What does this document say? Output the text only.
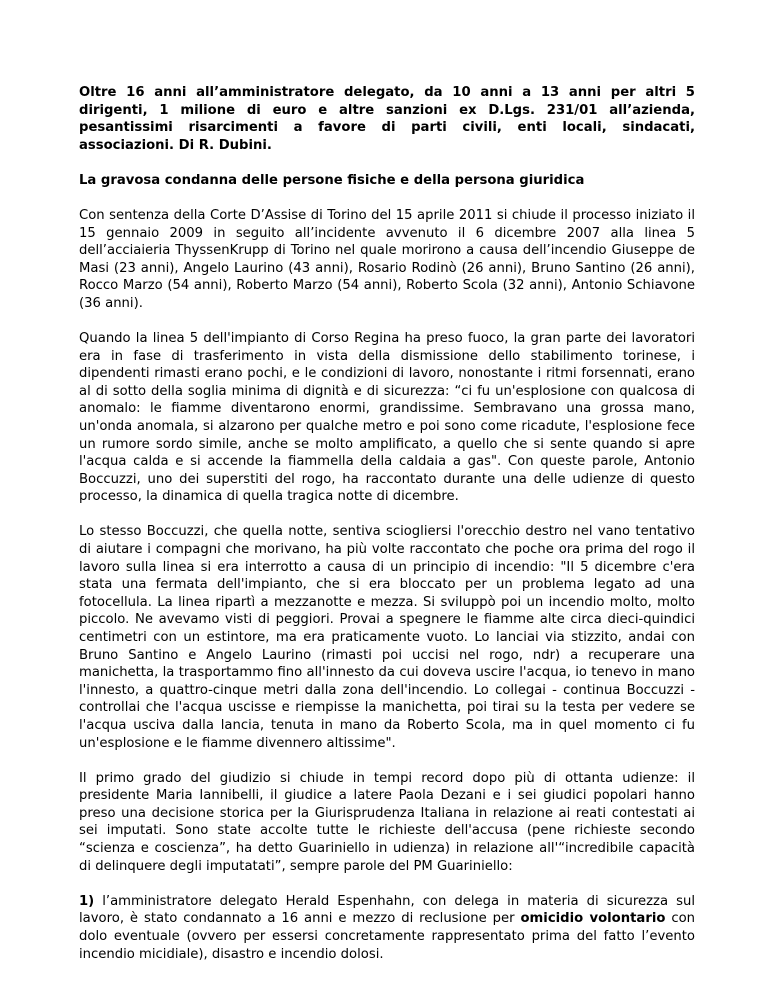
Oltre 16 anni all’amministratore delegato, da 10 anni a 13 anni per altri 5 dirigenti, 1 milione di euro e altre sanzioni ex D.Lgs. 231/01 all’azienda, pesantissimi risarcimenti a favore di parti civili, enti locali, sindacati, associazioni. Di R. Dubini.

La gravosa condanna delle persone fisiche e della persona giuridica

Con sentenza della Corte D’Assise di Torino del 15 aprile 2011 si chiude il processo iniziato il 15 gennaio 2009 in seguito all’incidente avvenuto il 6 dicembre 2007 alla linea 5 dell’acciaieria ThyssenKrupp di Torino nel quale morirono a causa dell’incendio Giuseppe de Masi (23 anni), Angelo Laurino (43 anni), Rosario Rodinò (26 anni), Bruno Santino (26 anni), Rocco Marzo (54 anni), Roberto Marzo (54 anni), Roberto Scola (32 anni), Antonio Schiavone (36 anni).

Quando la linea 5 dell'impianto di Corso Regina ha preso fuoco, la gran parte dei lavoratori era in fase di trasferimento in vista della dismissione dello stabilimento torinese, i dipendenti rimasti erano pochi, e le condizioni di lavoro, nonostante i ritmi forsennati, erano al di sotto della soglia minima di dignità e di sicurezza: “ci fu un'esplosione con qualcosa di anomalo: le fiamme diventarono enormi, grandissime. Sembravano una grossa mano, un'onda anomala, si alzarono per qualche metro e poi sono come ricadute, l'esplosione fece un rumore sordo simile, anche se molto amplificato, a quello che si sente quando si apre l'acqua calda e si accende la fiammella della caldaia a gas". Con queste parole, Antonio Boccuzzi, uno dei superstiti del rogo, ha raccontato durante una delle udienze di questo processo, la dinamica di quella tragica notte di dicembre.

Lo stesso Boccuzzi, che quella notte, sentiva sciogliersi l'orecchio destro nel vano tentativo di aiutare i compagni che morivano, ha più volte raccontato che poche ora prima del rogo il lavoro sulla linea si era interrotto a causa di un principio di incendio: "Il 5 dicembre c'era stata una fermata dell'impianto, che si era bloccato per un problema legato ad una fotocellula. La linea ripartì a mezzanotte e mezza. Si sviluppò poi un incendio molto, molto piccolo. Ne avevamo visti di peggiori. Provai a spegnere le fiamme alte circa dieci-quindici centimetri con un estintore, ma era praticamente vuoto. Lo lanciai via stizzito, andai con Bruno Santino e Angelo Laurino (rimasti poi uccisi nel rogo, ndr) a recuperare una manichetta, la trasportammo fino all'innesto da cui doveva uscire l'acqua, io tenevo in mano l'innesto, a quattro-cinque metri dalla zona dell'incendio. Lo collegai - continua Boccuzzi - controllai che l'acqua uscisse e riempisse la manichetta, poi tirai su la testa per vedere se l'acqua usciva dalla lancia, tenuta in mano da Roberto Scola, ma in quel momento ci fu un'esplosione e le fiamme divennero altissime".

Il primo grado del giudizio si chiude in tempi record dopo più di ottanta udienze: il presidente Maria Iannibelli, il giudice a latere Paola Dezani e i sei giudici popolari hanno preso una decisione storica per la Giurisprudenza Italiana in relazione ai reati contestati ai sei imputati. Sono state accolte tutte le richieste dell'accusa (pene richieste secondo “scienza e coscienza”, ha detto Guariniello in udienza) in relazione all'“incredibile capacità di delinquere degli imputatati”, sempre parole del PM Guariniello:

1) l’amministratore delegato Herald Espenhahn, con delega in materia di sicurezza sul lavoro, è stato condannato a 16 anni e mezzo di reclusione per omicidio volontario con dolo eventuale (ovvero per essersi concretamente rappresentato prima del fatto l’evento incendio micidiale), disastro e incendio dolosi.
